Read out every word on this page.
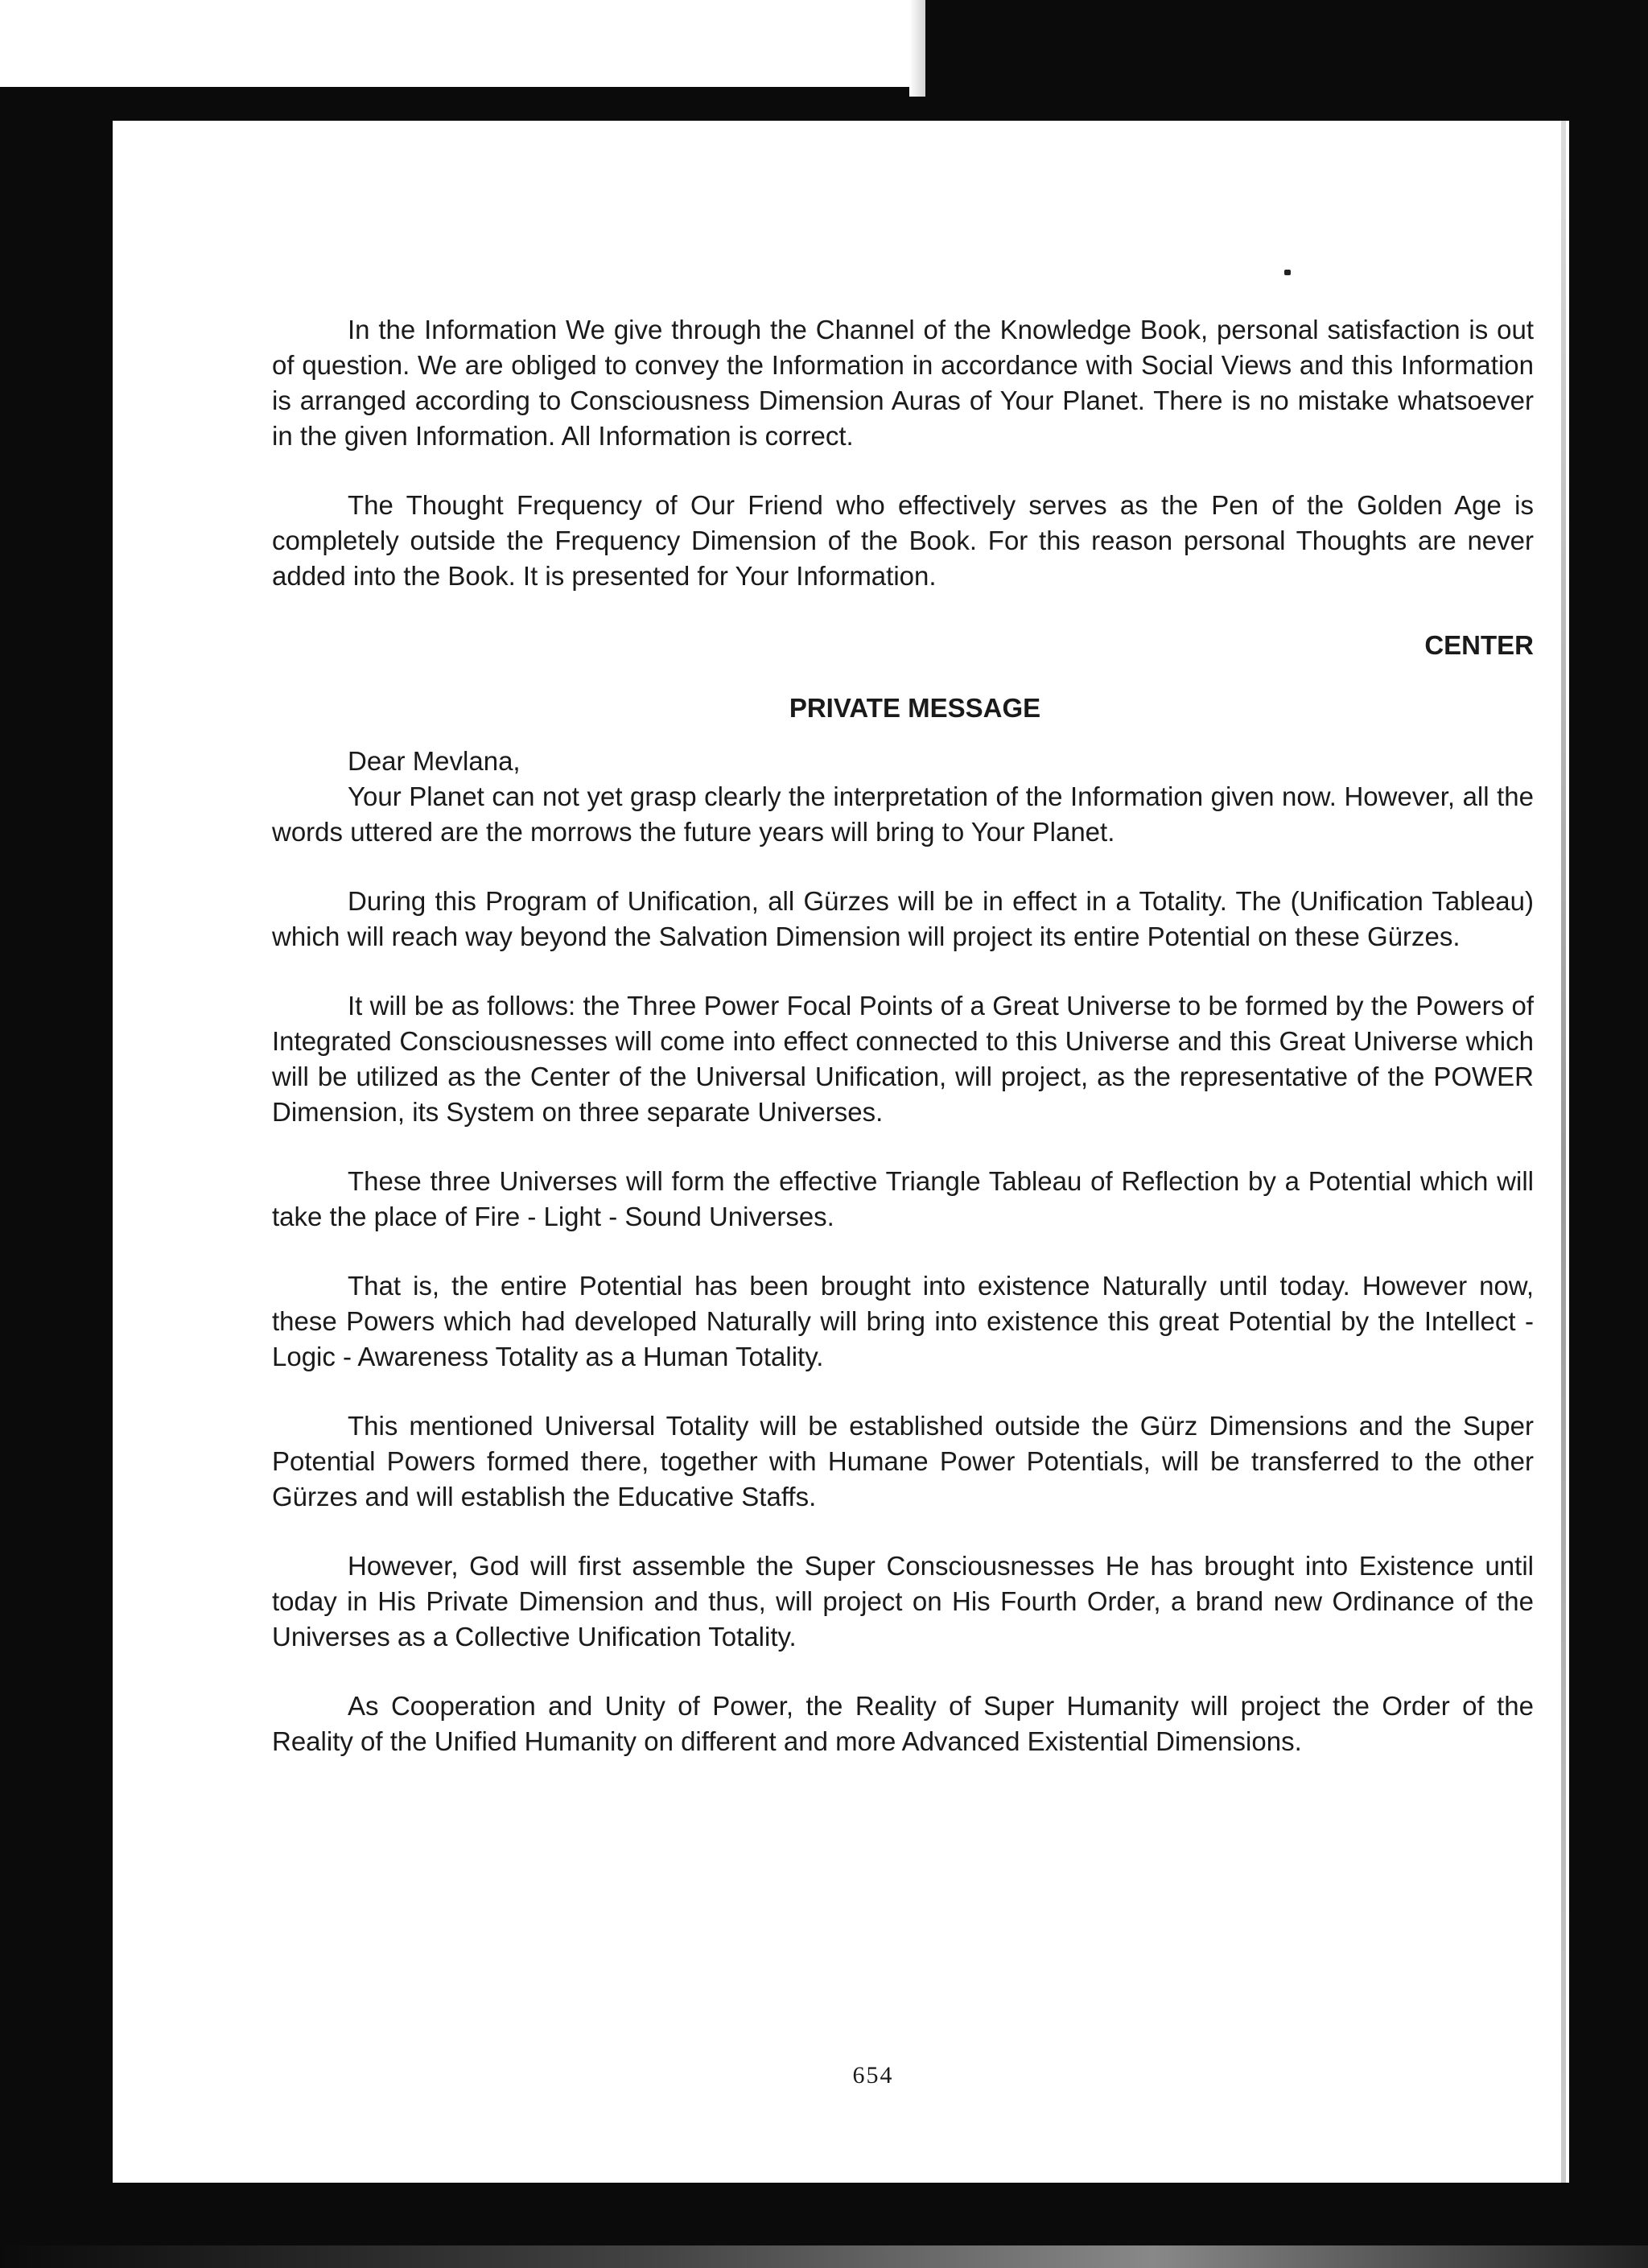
In the Information We give through the Channel of the Knowledge Book, personal satisfaction is out of question. We are obliged to convey the Information in accordance with Social Views and this Information is arranged according to Consciousness Dimension Auras of Your Planet. There is no mistake whatsoever in the given Information. All Information is correct.

The Thought Frequency of Our Friend who effectively serves as the Pen of the Golden Age is completely outside the Frequency Dimension of the Book. For this reason personal Thoughts are never added into the Book. It is presented for Your Information.

CENTER
PRIVATE MESSAGE

Dear Mevlana,

Your Planet can not yet grasp clearly the interpretation of the Information given now. However, all the words uttered are the morrows the future years will bring to Your Planet.

During this Program of Unification, all Gürzes will be in effect in a Totality. The (Unification Tableau) which will reach way beyond the Salvation Dimension will project its entire Potential on these Gürzes.

It will be as follows: the Three Power Focal Points of a Great Universe to be formed by the Powers of Integrated Consciousnesses will come into effect connected to this Universe and this Great Universe which will be utilized as the Center of the Universal Unification, will project, as the representative of the POWER Dimension, its System on three separate Universes.

These three Universes will form the effective Triangle Tableau of Reflection by a Potential which will take the place of Fire - Light - Sound Universes.

That is, the entire Potential has been brought into existence Naturally until today. However now, these Powers which had developed Naturally will bring into existence this great Potential by the Intellect - Logic - Awareness Totality as a Human Totality.

This mentioned Universal Totality will be established outside the Gürz Dimensions and the Super Potential Powers formed there, together with Humane Power Potentials, will be transferred to the other Gürzes and will establish the Educative Staffs.

However, God will first assemble the Super Consciousnesses He has brought into Existence until today in His Private Dimension and thus, will project on His Fourth Order, a brand new Ordinance of the Universes as a Collective Unification Totality.

As Cooperation and Unity of Power, the Reality of Super Humanity will project the Order of the Reality of the Unified Humanity on different and more Advanced Existential Dimensions.

654
